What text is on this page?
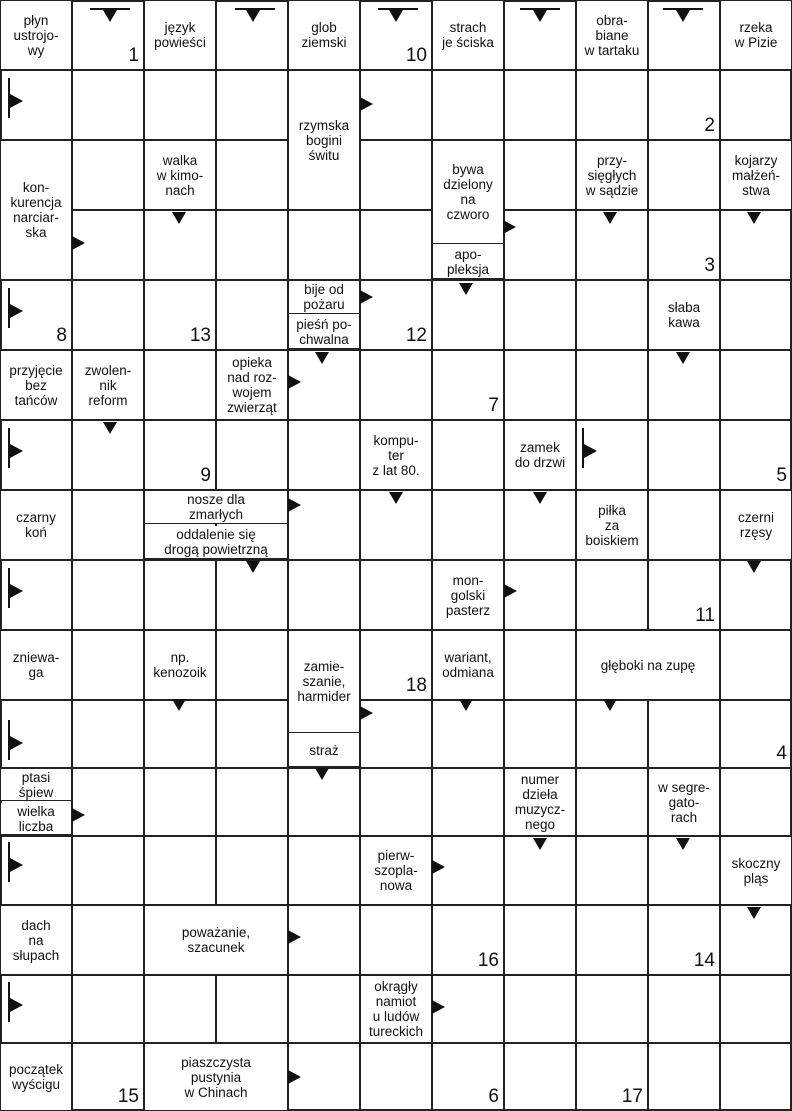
płyn
ustrojo-
wy
język
powieści
glob
ziemski
strach
je ściska
obra-
biane
w tartaku
rzeka
w Pizie
rzymska
bogini
świtu
kon-
kurencja
narciar-
ska
walka
w kimo-
nach
bywa
dzielony
na
czworo
przy-
sięgłych
w sądzie
kojarzy
małżeń-
stwa
apo-
pleksja
bije od
pożaru
pieśń po-
chwalna
słaba
kawa
przyjęcie
bez
tańców
zwolen-
nik
reform
opieka
nad roz-
wojem
zwierząt
kompu-
ter
z lat 80.
zamek
do drzwi
czarny
koń
nosze dla
zmarłych
oddalenie się
drogą powietrzną
piłka
za
boiskiem
czerni
rzęsy
mon-
golski
pasterz
zniewa-
ga
np.
kenozoik	zamie-
szanie,
harmider
wariant,
odmiana	głęboki na zupę
straż
ptasi
śpiew
wielka
liczba
numer
dzieła
muzycz-
nego
w segre-
gato-
rach
pierw-
szopla-
nowa
skoczny
pląs
dach
na
słupach
poważanie,
szacunek
okrągły
namiot
u ludów
tureckich
początek
wyścigu
piaszczysta
pustynia
w Chinach
1
2
3
4
5
6
7
8
9
10
11
12
13
14
15
16
17
18
